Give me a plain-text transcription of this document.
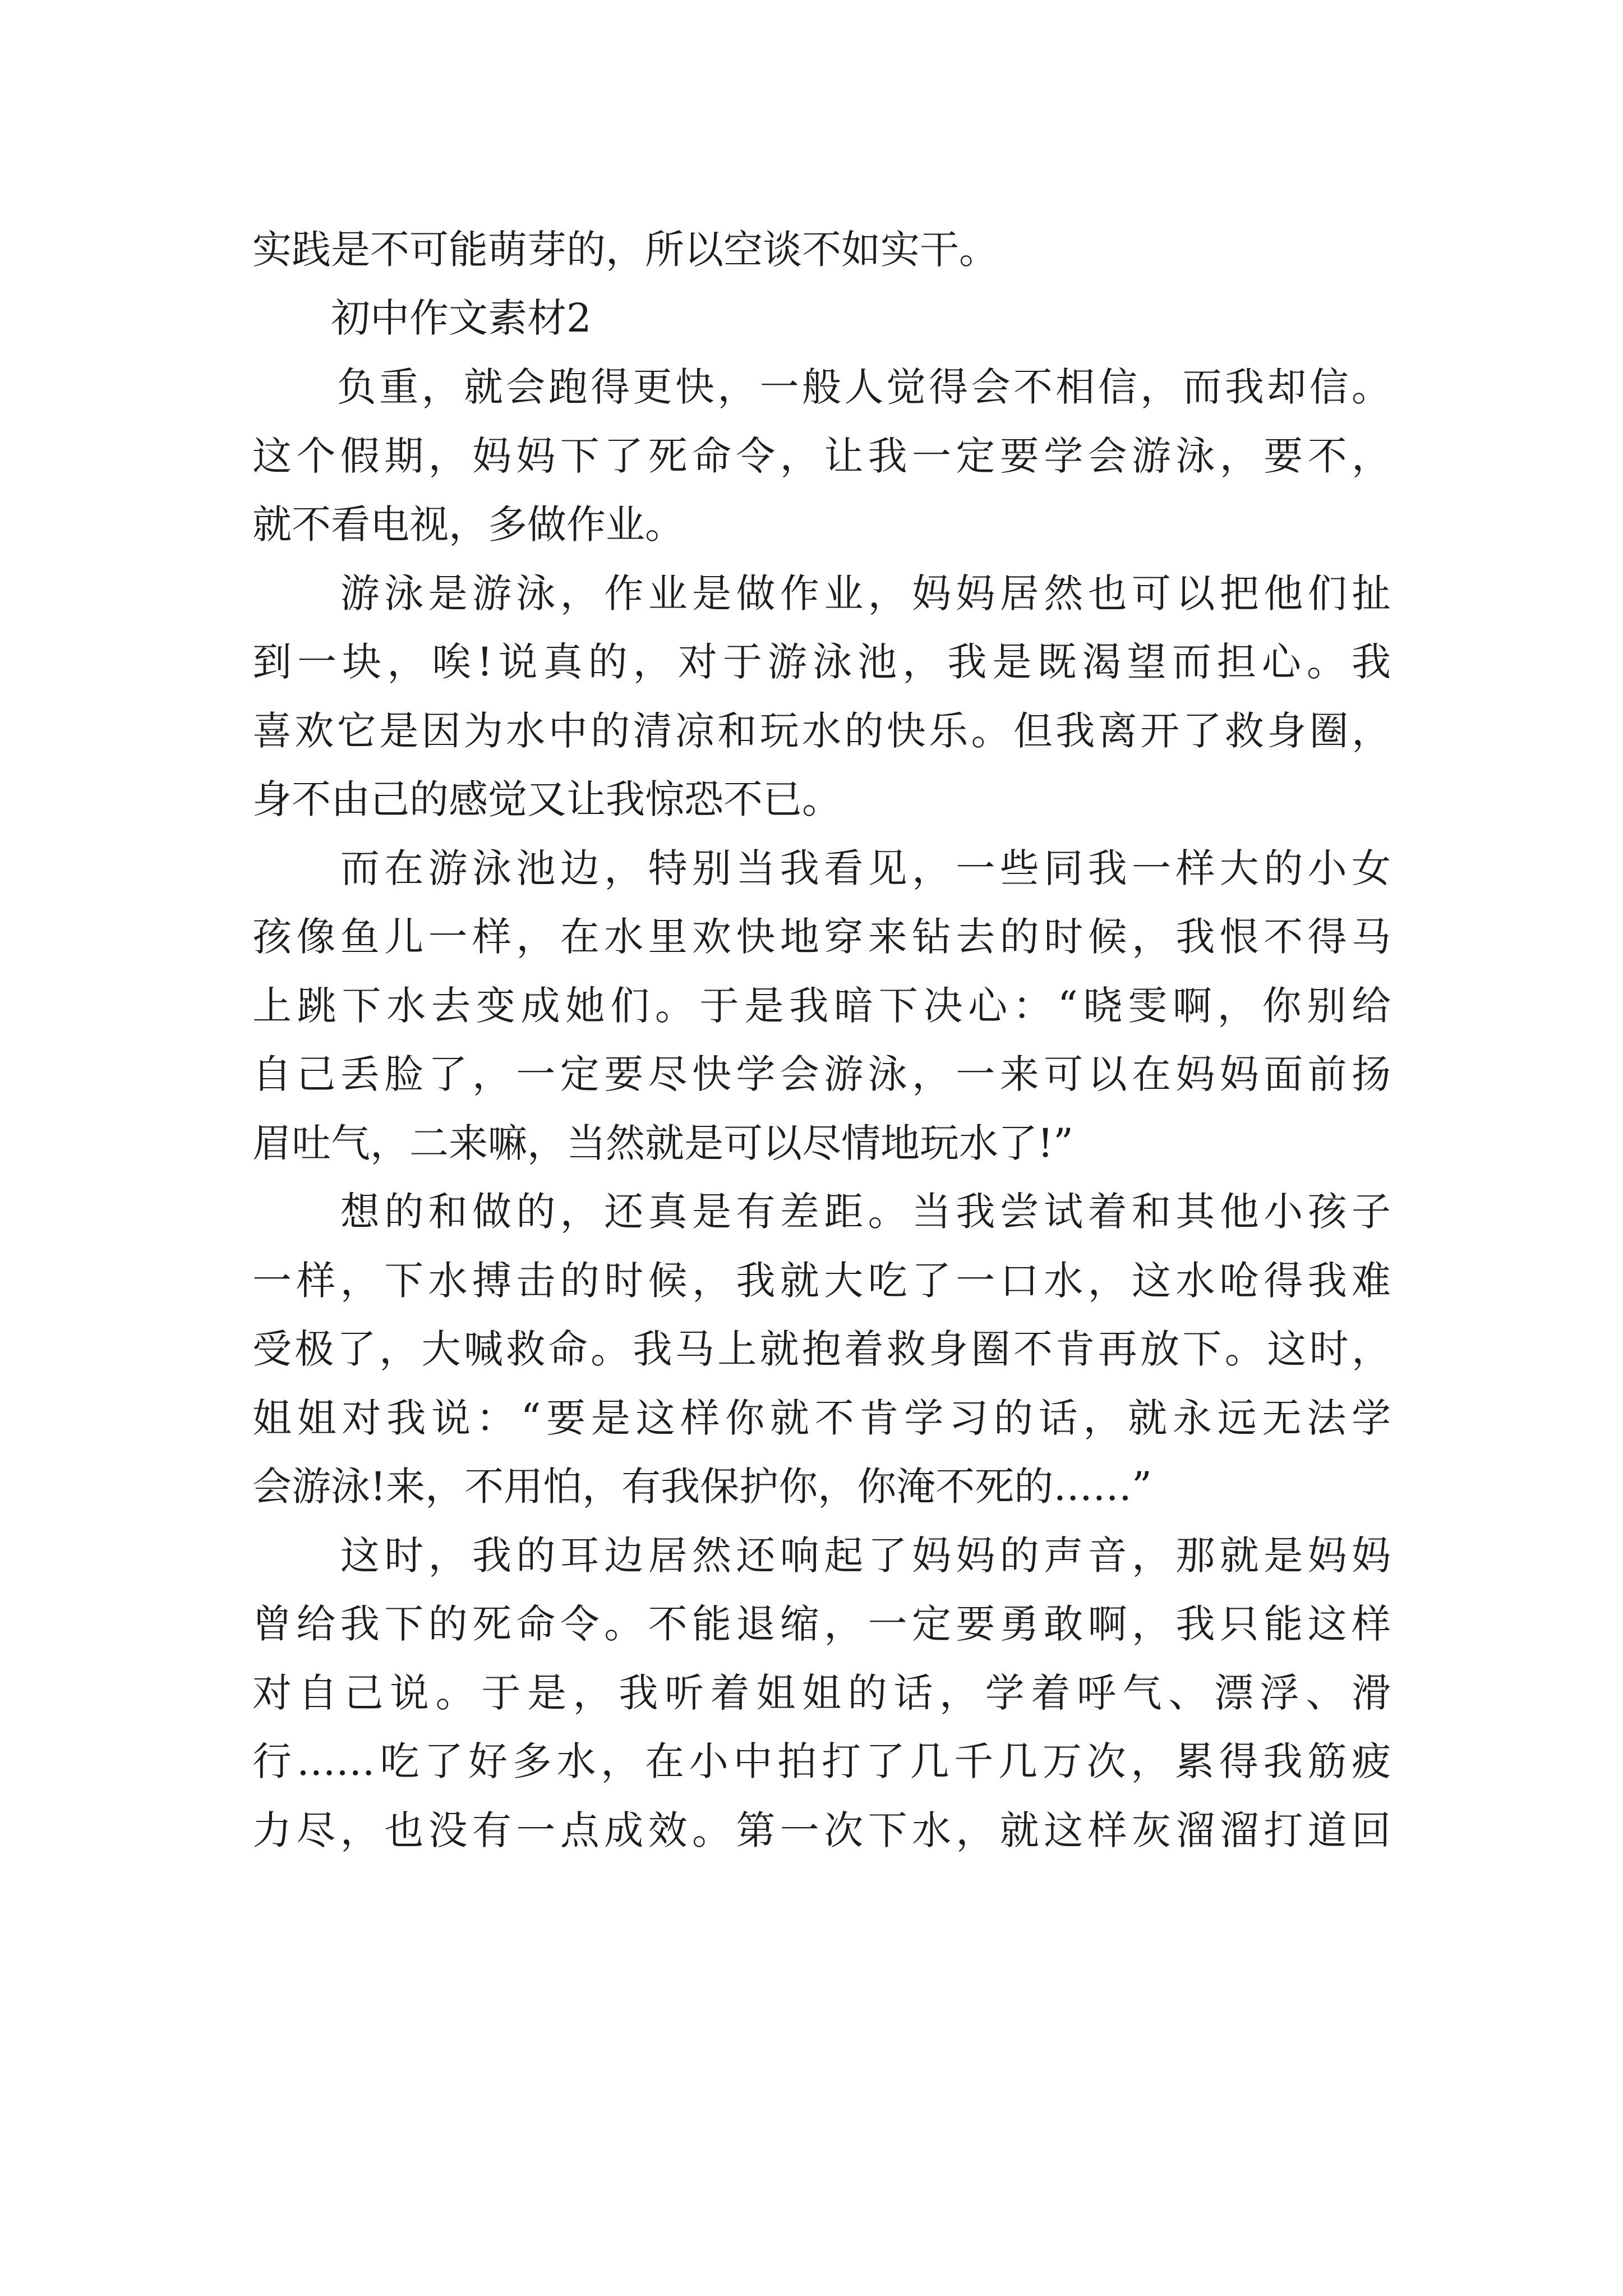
实践是不可能萌芽的，所以空谈不如实干。
　　初中作文素材2
　　负重，就会跑得更快，一般人觉得会不相信，而我却信。
这个假期，妈妈下了死命令，让我一定要学会游泳，要不，
就不看电视，多做作业。
　　游泳是游泳，作业是做作业，妈妈居然也可以把他们扯
到一块，唉!说真的，对于游泳池，我是既渴望而担心。我
喜欢它是因为水中的清凉和玩水的快乐。但我离开了救身圈，
身不由己的感觉又让我惊恐不已。
　　而在游泳池边，特别当我看见，一些同我一样大的小女
孩像鱼儿一样，在水里欢快地穿来钻去的时候，我恨不得马
上跳下水去变成她们。于是我暗下决心：“晓雯啊，你别给
自己丢脸了，一定要尽快学会游泳，一来可以在妈妈面前扬
眉吐气，二来嘛，当然就是可以尽情地玩水了!”
　　想的和做的，还真是有差距。当我尝试着和其他小孩子
一样，下水搏击的时候，我就大吃了一口水，这水呛得我难
受极了，大喊救命。我马上就抱着救身圈不肯再放下。这时，
姐姐对我说：“要是这样你就不肯学习的话，就永远无法学
会游泳!来，不用怕，有我保护你，你淹不死的……”
　　这时，我的耳边居然还响起了妈妈的声音，那就是妈妈
曾给我下的死命令。不能退缩，一定要勇敢啊，我只能这样
对自己说。于是，我听着姐姐的话，学着呼气、漂浮、滑
行……吃了好多水，在小中拍打了几千几万次，累得我筋疲
力尽，也没有一点成效。第一次下水，就这样灰溜溜打道回
